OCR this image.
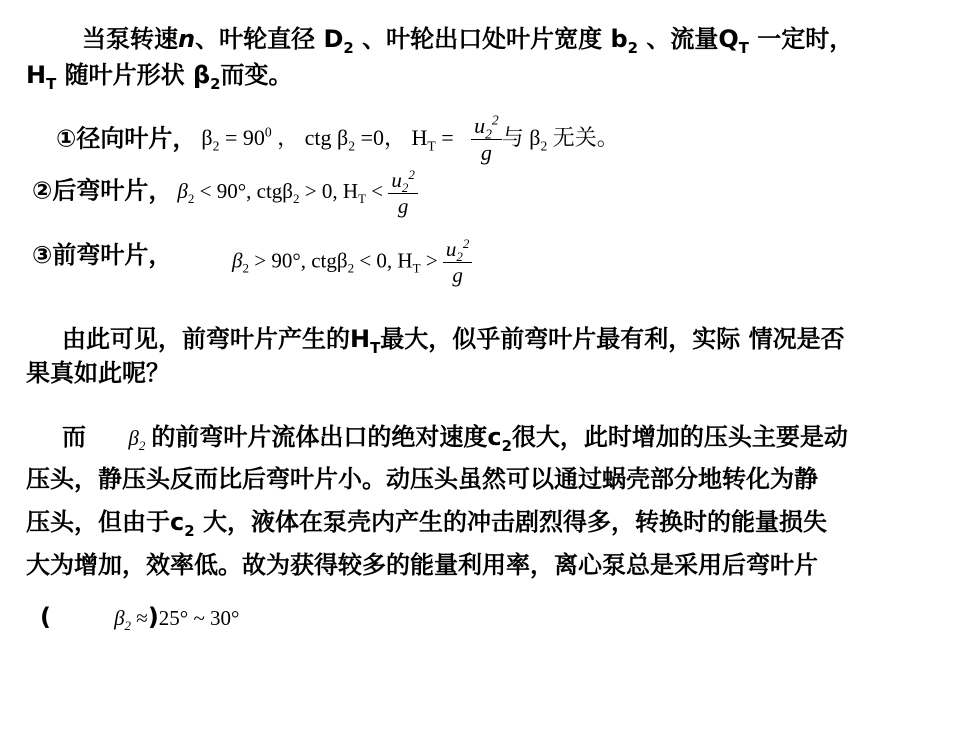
当泵转速n、叶轮直径 $D_2$ 、叶轮出口处叶片宽度 $b_2$ 、流量$Q_T$ 一定时，
$H_T$ 随叶片形状 $\beta_2$而变。
①径向叶片， $\beta_2 = 90^0$ ， ctg $\beta_2 =0$， $H_T = \frac{u_2^2}{g}$ 与 $\beta_2$ 无关。
②后弯叶片， $\beta_2 < 90^\circ$, ctgβ$_2$ > 0, $H_T < \frac{u_2^2}{g}$
③前弯叶片，	$\beta_2 > 90^\circ$, ctgβ$_2$ < 0, $H_T > \frac{u_2^2}{g}$
由此可见，前弯叶片产生的$H_T$最大，似乎前弯叶片最有利，实际 情况是否
果真如此呢？
而 $\beta_2$ 的前弯叶片流体出口的绝对速度$c_2$很大，此时增加的压头主要是动
压头，静压头反而比后弯叶片小。动压头虽然可以通过蜗壳部分地转化为静
压头，但由于$c_2$ 大，液体在泵壳内产生的冲击剧烈得多，转换时的能量损失
大为增加，效率低。故为获得较多的能量利用率，离心泵总是采用后弯叶片
(	$\beta_2 \approx)25^\circ$ ~ 30°
